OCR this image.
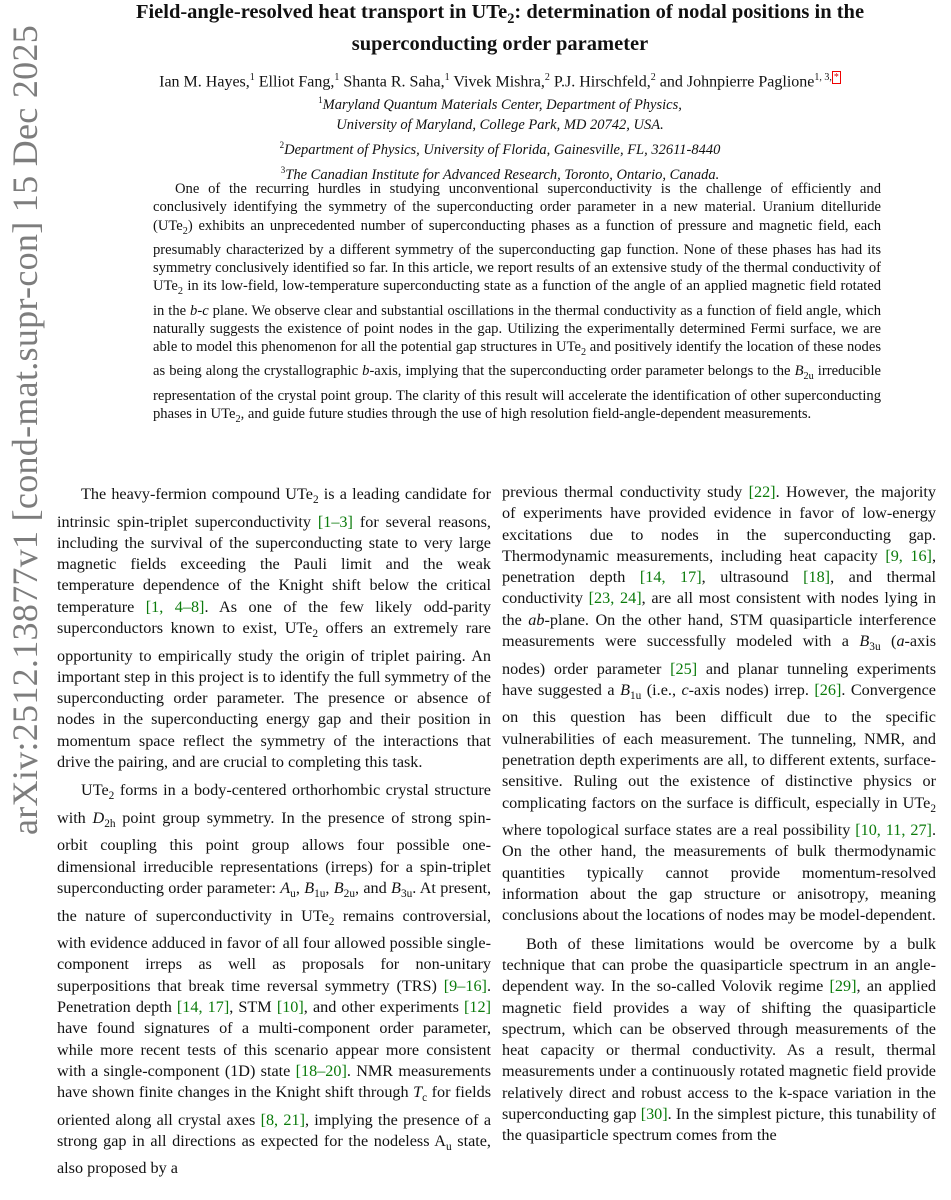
arXiv:2512.13877v1 [cond-mat.supr-con] 15 Dec 2025
Field-angle-resolved heat transport in UTe$_2$: determination of nodal positions in the
superconducting order parameter
Ian M. Hayes,$^1$ Elliot Fang,$^1$ Shanta R. Saha,$^1$ Vivek Mishra,$^2$ P.J. Hirschfeld,$^2$ and Johnpierre Paglione$^{1, 3,}$ *
$^1$Maryland Quantum Materials Center, Department of Physics,
University of Maryland, College Park, MD 20742, USA.
$^2$Department of Physics, University of Florida, Gainesville, FL, 32611-8440
$^3$The Canadian Institute for Advanced Research, Toronto, Ontario, Canada.
One of the recurring hurdles in studying unconventional superconductivity is the challenge of efficiently and conclusively identifying the symmetry of the superconducting order parameter in a new material. Uranium ditelluride (UTe$_2$) exhibits an unprecedented number of superconducting phases as a function of pressure and magnetic field, each presumably characterized by a different symmetry of the superconducting gap function. None of these phases has had its symmetry conclusively identified so far. In this article, we report results of an extensive study of the thermal conductivity of UTe$_2$ in its low-field, low-temperature superconducting state as a function of the angle of an applied magnetic field rotated in the b-c plane. We observe clear and substantial oscillations in the thermal conductivity as a function of field angle, which naturally suggests the existence of point nodes in the gap. Utilizing the experimentally determined Fermi surface, we are able to model this phenomenon for all the potential gap structures in UTe$_2$ and positively identify the location of these nodes as being along the crystallographic b-axis, implying that the superconducting order parameter belongs to the $B_{2u}$ irreducible representation of the crystal point group. The clarity of this result will accelerate the identification of other superconducting phases in UTe$_2$, and guide future studies through the use of high resolution field-angle-dependent measurements.

The heavy-fermion compound UTe$_2$ is a leading candidate for intrinsic spin-triplet superconductivity [1–3] for several reasons, including the survival of the superconducting state to very large magnetic fields exceeding the Pauli limit and the weak temperature dependence of the Knight shift below the critical temperature [1, 4–8]. As one of the few likely odd-parity superconductors known to exist, UTe$_2$ offers an extremely rare opportunity to empirically study the origin of triplet pairing. An important step in this project is to identify the full symmetry of the superconducting order parameter. The presence or absence of nodes in the superconducting energy gap and their position in momentum space reflect the symmetry of the interactions that drive the pairing, and are crucial to completing this task.

UTe$_2$ forms in a body-centered orthorhombic crystal structure with $D_{2h}$ point group symmetry. In the presence of strong spin-orbit coupling this point group allows four possible one-dimensional irreducible representations (irreps) for a spin-triplet superconducting order parameter: $A_u$, $B_{1u}$, $B_{2u}$, and $B_{3u}$. At present, the nature of superconductivity in UTe$_2$ remains controversial, with evidence adduced in favor of all four allowed possible single-component irreps as well as proposals for non-unitary superpositions that break time reversal symmetry (TRS) [9–16]. Penetration depth [14, 17], STM [10], and other experiments [12] have found signatures of a multi-component order parameter, while more recent tests of this scenario appear more consistent with a single-component (1D) state [18–20]. NMR measurements have shown finite changes in the Knight shift through $T_c$ for fields oriented along all crystal axes [8, 21], implying the presence of a strong gap in all directions as expected for the nodeless $A_u$ state, also proposed by a

previous thermal conductivity study [22]. However, the majority of experiments have provided evidence in favor of low-energy excitations due to nodes in the superconducting gap. Thermodynamic measurements, including heat capacity [9, 16], penetration depth [14, 17], ultrasound [18], and thermal conductivity [23, 24], are all most consistent with nodes lying in the ab-plane. On the other hand, STM quasiparticle interference measurements were successfully modeled with a $B_{3u}$ (a-axis nodes) order parameter [25] and planar tunneling experiments have suggested a $B_{1u}$ (i.e., c-axis nodes) irrep. [26]. Convergence on this question has been difficult due to the specific vulnerabilities of each measurement. The tunneling, NMR, and penetration depth experiments are all, to different extents, surface-sensitive. Ruling out the existence of distinctive physics or complicating factors on the surface is difficult, especially in UTe$_2$ where topological surface states are a real possibility [10, 11, 27]. On the other hand, the measurements of bulk thermodynamic quantities typically cannot provide momentum-resolved information about the gap structure or anisotropy, meaning conclusions about the locations of nodes may be model-dependent.

Both of these limitations would be overcome by a bulk technique that can probe the quasiparticle spectrum in an angle-dependent way. In the so-called Volovik regime [29], an applied magnetic field provides a way of shifting the quasiparticle spectrum, which can be observed through measurements of the heat capacity or thermal conductivity. As a result, thermal measurements under a continuously rotated magnetic field provide relatively direct and robust access to the k-space variation in the superconducting gap [30]. In the simplest picture, this tunability of the quasiparticle spectrum comes from the
